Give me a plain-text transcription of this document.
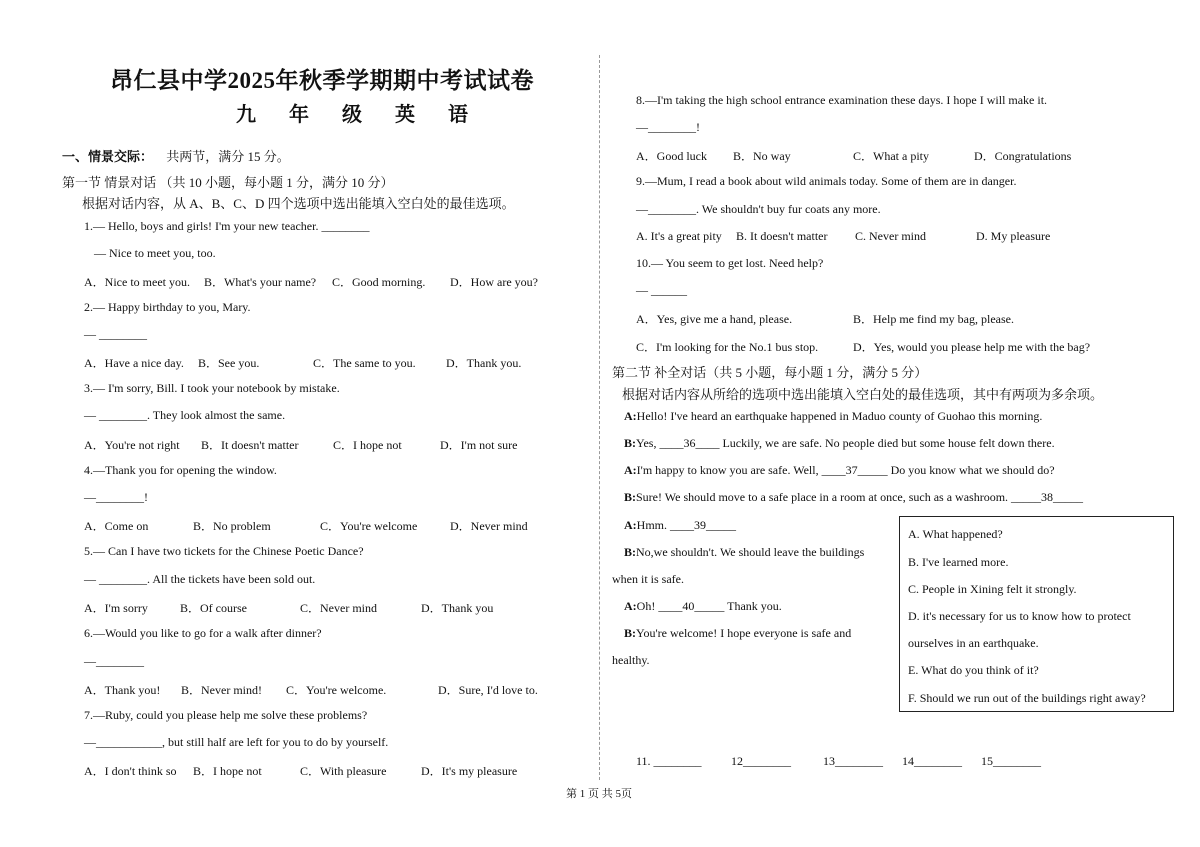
昂仁县中学2025年秋季学期期中考试试卷
九 年 级 英 语
一、情景交际： 共两节，满分 15 分。
第一节 情景对话 （共 10 小题，每小题 1 分，满分 10 分）
根据对话内容，从 A、B、C、D 四个选项中选出能填入空白处的最佳选项。
1.— Hello, boys and girls! I'm your new teacher. ________
— Nice to meet you, too.
A．Nice to meet you. B．What's your name? C．Good morning. D．How are you?
2.— Happy birthday to you, Mary.
— ________
A．Have a nice day. B．See you.	C．The same to you.	D．Thank you.
3.— I'm sorry, Bill. I took your notebook by mistake.
— ________. They look almost the same.
A．You're not right B．It doesn't matter	C．I hope not	D．I'm not sure
4.—Thank you for opening the window.
—________!
A．Come on	B．No problem	C．You're welcome	D．Never mind
5.— Can I have two tickets for the Chinese Poetic Dance?
— ________. All the tickets have been sold out.
A．I'm sorry	B．Of course	C．Never mind	D．Thank you
6.—Would you like to go for a walk after dinner?
—________
A．Thank you! B．Never mind! C．You're welcome.	D．Sure, I'd love to.
7.—Ruby, could you please help me solve these problems?
—___________, but still half are left for you to do by yourself.
A．I don't think so B．I hope not	C．With pleasure	D．It's my pleasure
8.—I'm taking the high school entrance examination these days. I hope I will make it.
—________!
A．Good luck B．No way	C．What a pity	D．Congratulations
9.—Mum, I read a book about wild animals today. Some of them are in danger.
—________. We shouldn't buy fur coats any more.
A. It's a great pity B. It doesn't matter C. Never mind	D. My pleasure
10.— You seem to get lost. Need help?
— ______
A．Yes, give me a hand, please.	B．Help me find my bag, please.
C．I'm looking for the No.1 bus stop.	D．Yes, would you please help me with the bag?
第二节 补全对话（共 5 小题，每小题 1 分，满分 5 分）
根据对话内容从所给的选项中选出能填入空白处的最佳选项，其中有两项为多余项。
A:Hello! I've heard an earthquake happened in Maduo county of Guohao this morning.
B:Yes, ____36____ Luckily, we are safe. No people died but some house felt down there.
A:I'm happy to know you are safe. Well, ____37_____ Do you know what we should do?
B:Sure! We should move to a safe place in a room at once, such as a washroom. _____38_____
A:Hmm. ____39_____
B:No,we shouldn't. We should leave the buildings
when it is safe.
A:Oh! ____40_____ Thank you.
B:You're welcome! I hope everyone is safe and
healthy.
A. What happened?
B. I've learned more.
C. People in Xining felt it strongly.
D. it's necessary for us to know how to protect
ourselves in an earthquake.
E. What do you think of it?
F. Should we run out of the buildings right away?
11. ________ 12________	13________ 14________ 15________
第 1 页 共 5页
